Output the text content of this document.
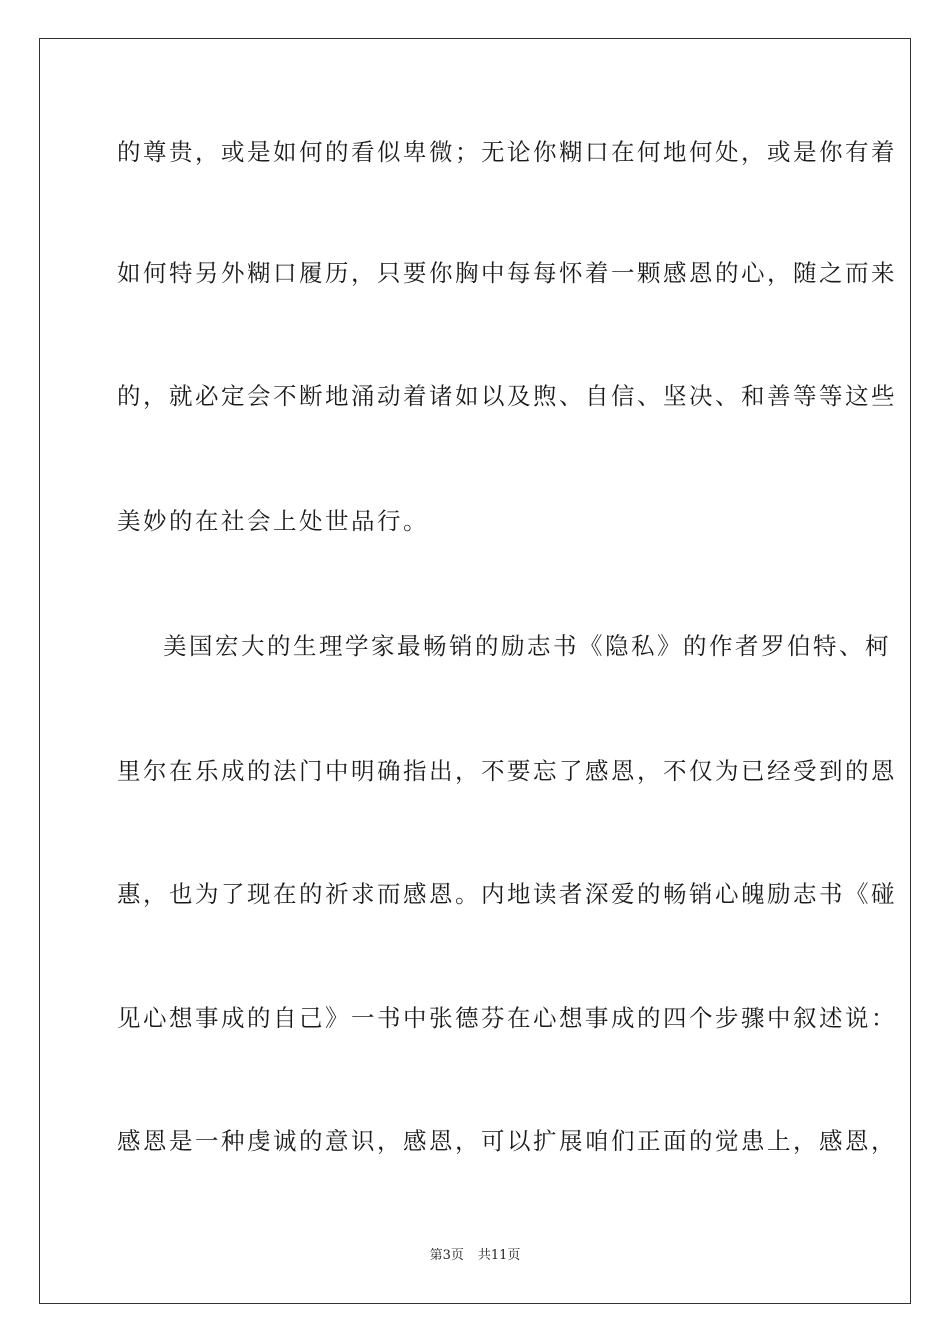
的尊贵，或是如何的看似卑微；无论你糊口在何地何处，或是你有着
如何特另外糊口履历，只要你胸中每每怀着一颗感恩的心，随之而来
的，就必定会不断地涌动着诸如以及煦、自信、坚决、和善等等这些
美妙的在社会上处世品行。
美国宏大的生理学家最畅销的励志书《隐私》的作者罗伯特、柯
里尔在乐成的法门中明确指出，不要忘了感恩，不仅为已经受到的恩
惠，也为了现在的祈求而感恩。内地读者深爱的畅销心魄励志书《碰
见心想事成的自己》一书中张德芬在心想事成的四个步骤中叙述说：
感恩是一种虔诚的意识，感恩，可以扩展咱们正面的觉患上，感恩，
第3页 共11页
